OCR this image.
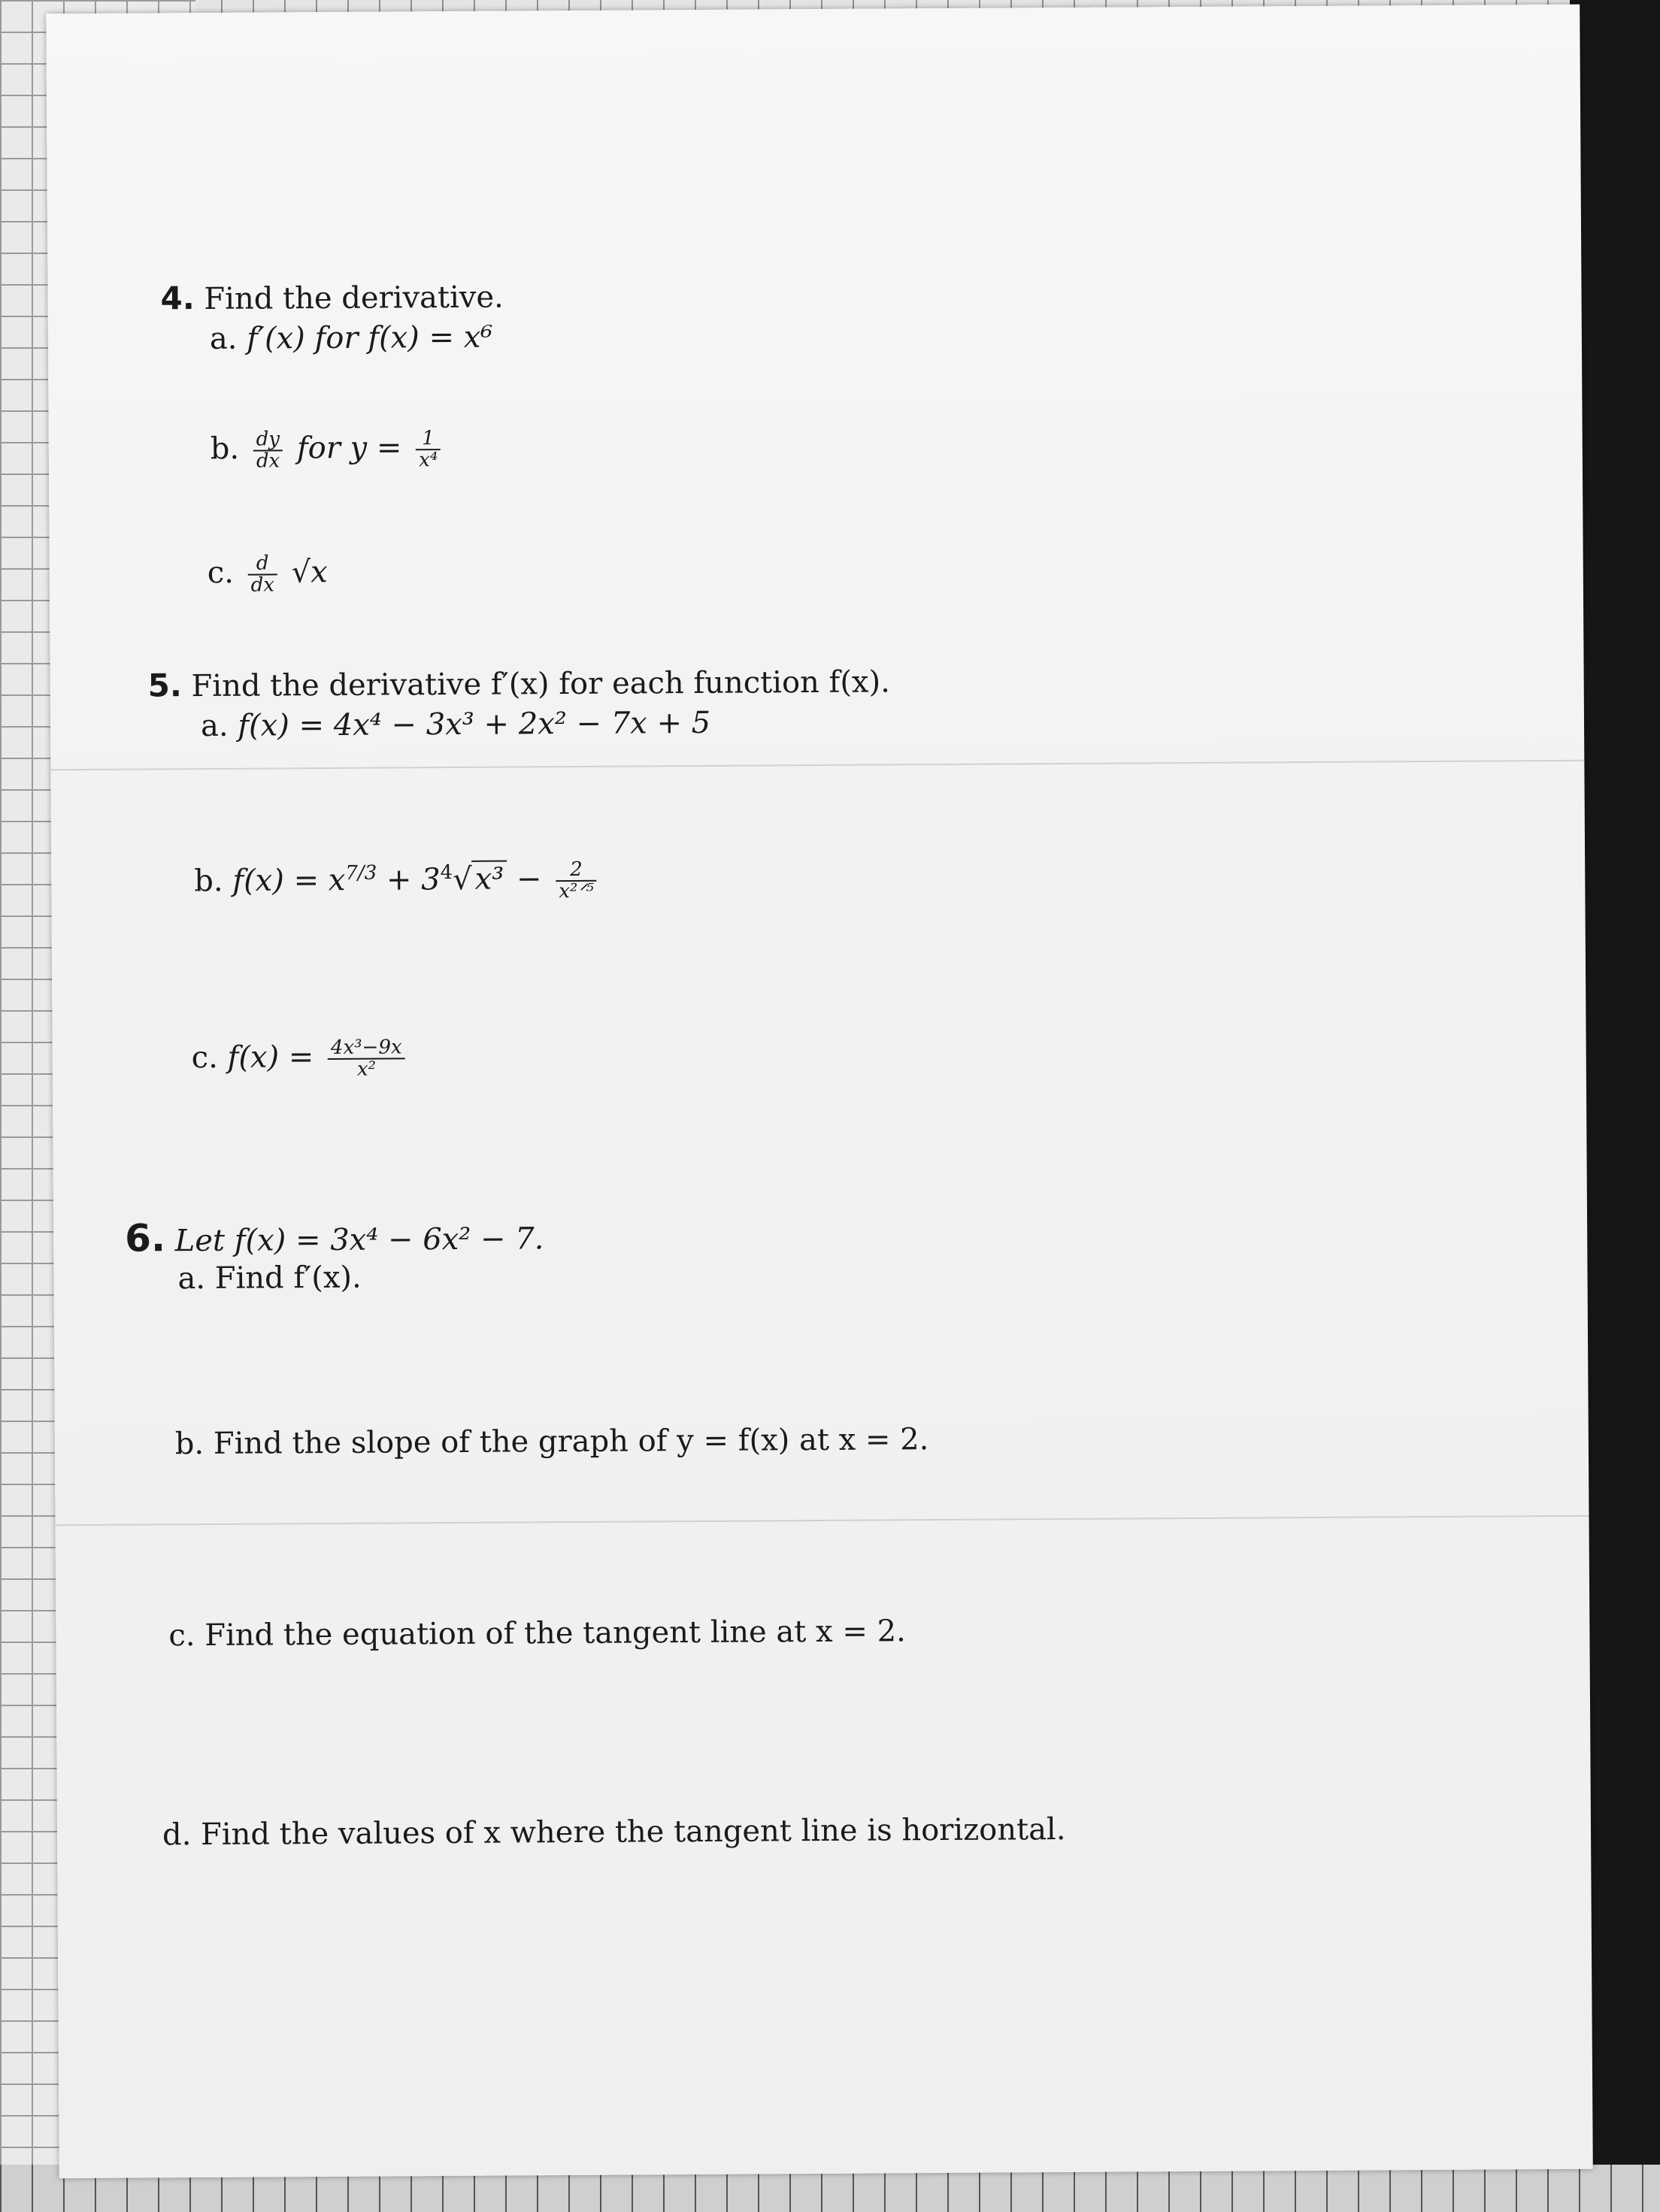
4. Find the derivative.
a. f′(x) for f(x) = x⁶
b. $\frac{dy}{dx}$ for $y = \frac{1}{\text{x⁴}}$
c. $\frac{d}{dx} √x$
5. Find the derivative f′(x) for each function f(x).
a. f(x) = 4x⁴ − 3x³ + 2x² − 7x + 5
b. $f(x) = x^{7/3} + 3^4√x^3 - \frac{2}{\text{x²ᐟ⁵}}$
c. $f(x) = \frac{\text{4x³−9x}}{\text{x²}}$
6. Let f(x) = 3x⁴ − 6x² − 7.
a. Find f′(x).
b. Find the slope of the graph of y = f(x) at x = 2.
c. Find the equation of the tangent line at x = 2.
d. Find the values of x where the tangent line is horizontal.
